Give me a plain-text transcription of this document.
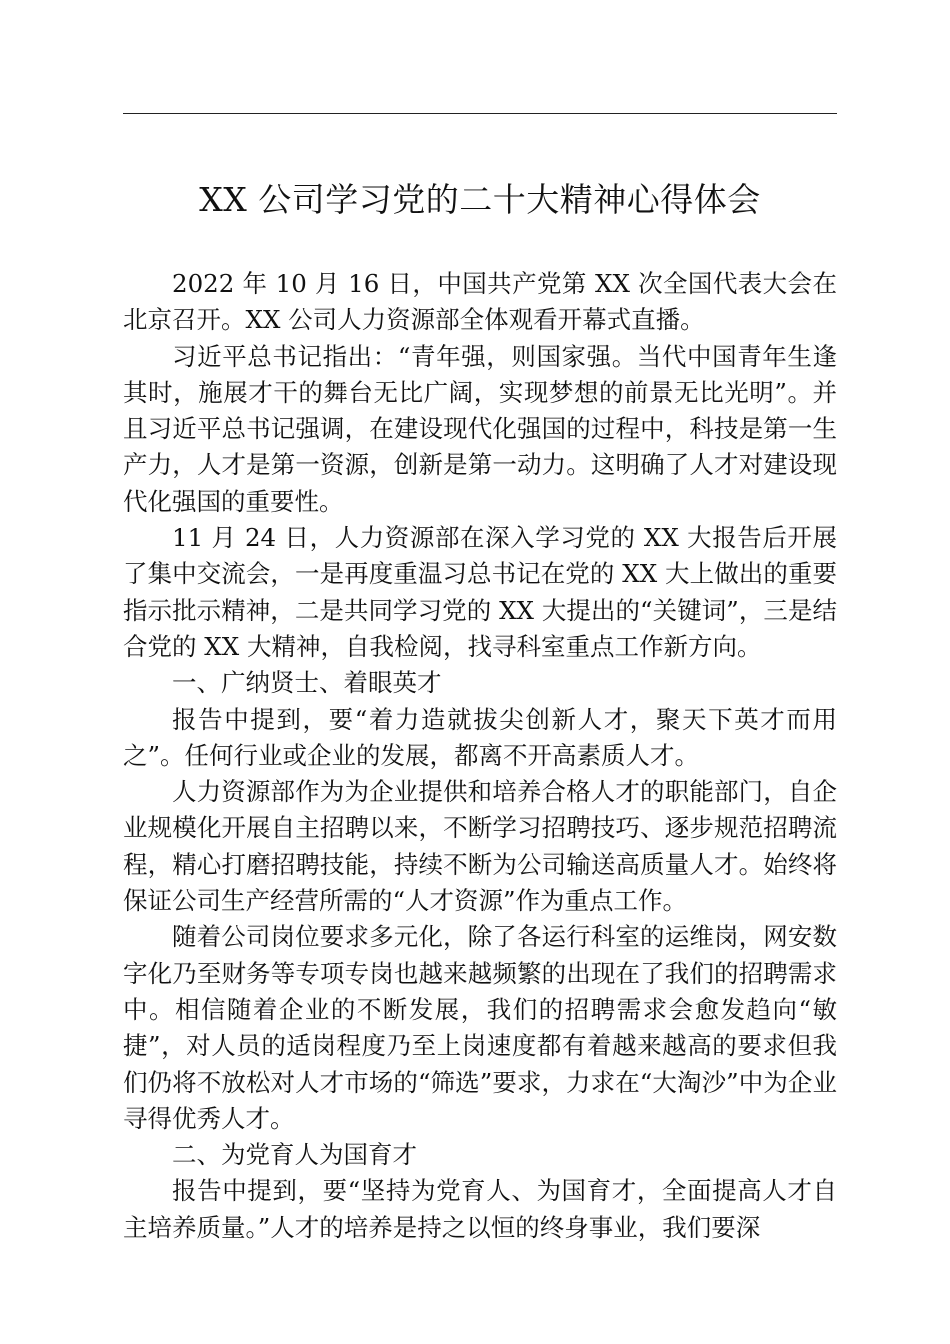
XX 公司学习党的二十大精神心得体会

2022 年 10 月 16 日，中国共产党第 XX 次全国代表大会在北京召开。XX 公司人力资源部全体观看开幕式直播。

习近平总书记指出：“青年强，则国家强。当代中国青年生逢其时，施展才干的舞台无比广阔，实现梦想的前景无比光明”。并且习近平总书记强调，在建设现代化强国的过程中，科技是第一生产力，人才是第一资源，创新是第一动力。这明确了人才对建设现代化强国的重要性。

11 月 24 日，人力资源部在深入学习党的 XX 大报告后开展了集中交流会，一是再度重温习总书记在党的 XX 大上做出的重要指示批示精神，二是共同学习党的 XX 大提出的“关键词”，三是结合党的 XX 大精神，自我检阅，找寻科室重点工作新方向。

一、广纳贤士、着眼英才

报告中提到，要“着力造就拔尖创新人才，聚天下英才而用之”。任何行业或企业的发展，都离不开高素质人才。

人力资源部作为为企业提供和培养合格人才的职能部门，自企业规模化开展自主招聘以来，不断学习招聘技巧、逐步规范招聘流程，精心打磨招聘技能，持续不断为公司输送高质量人才。始终将保证公司生产经营所需的“人才资源”作为重点工作。

随着公司岗位要求多元化，除了各运行科室的运维岗，网安数字化乃至财务等专项专岗也越来越频繁的出现在了我们的招聘需求中。相信随着企业的不断发展，我们的招聘需求会愈发趋向“敏捷”，对人员的适岗程度乃至上岗速度都有着越来越高的要求但我们仍将不放松对人才市场的“筛选”要求，力求在“大淘沙”中为企业寻得优秀人才。

二、为党育人为国育才

报告中提到，要“坚持为党育人、为国育才，全面提高人才自主培养质量。”人才的培养是持之以恒的终身事业，我们要深
